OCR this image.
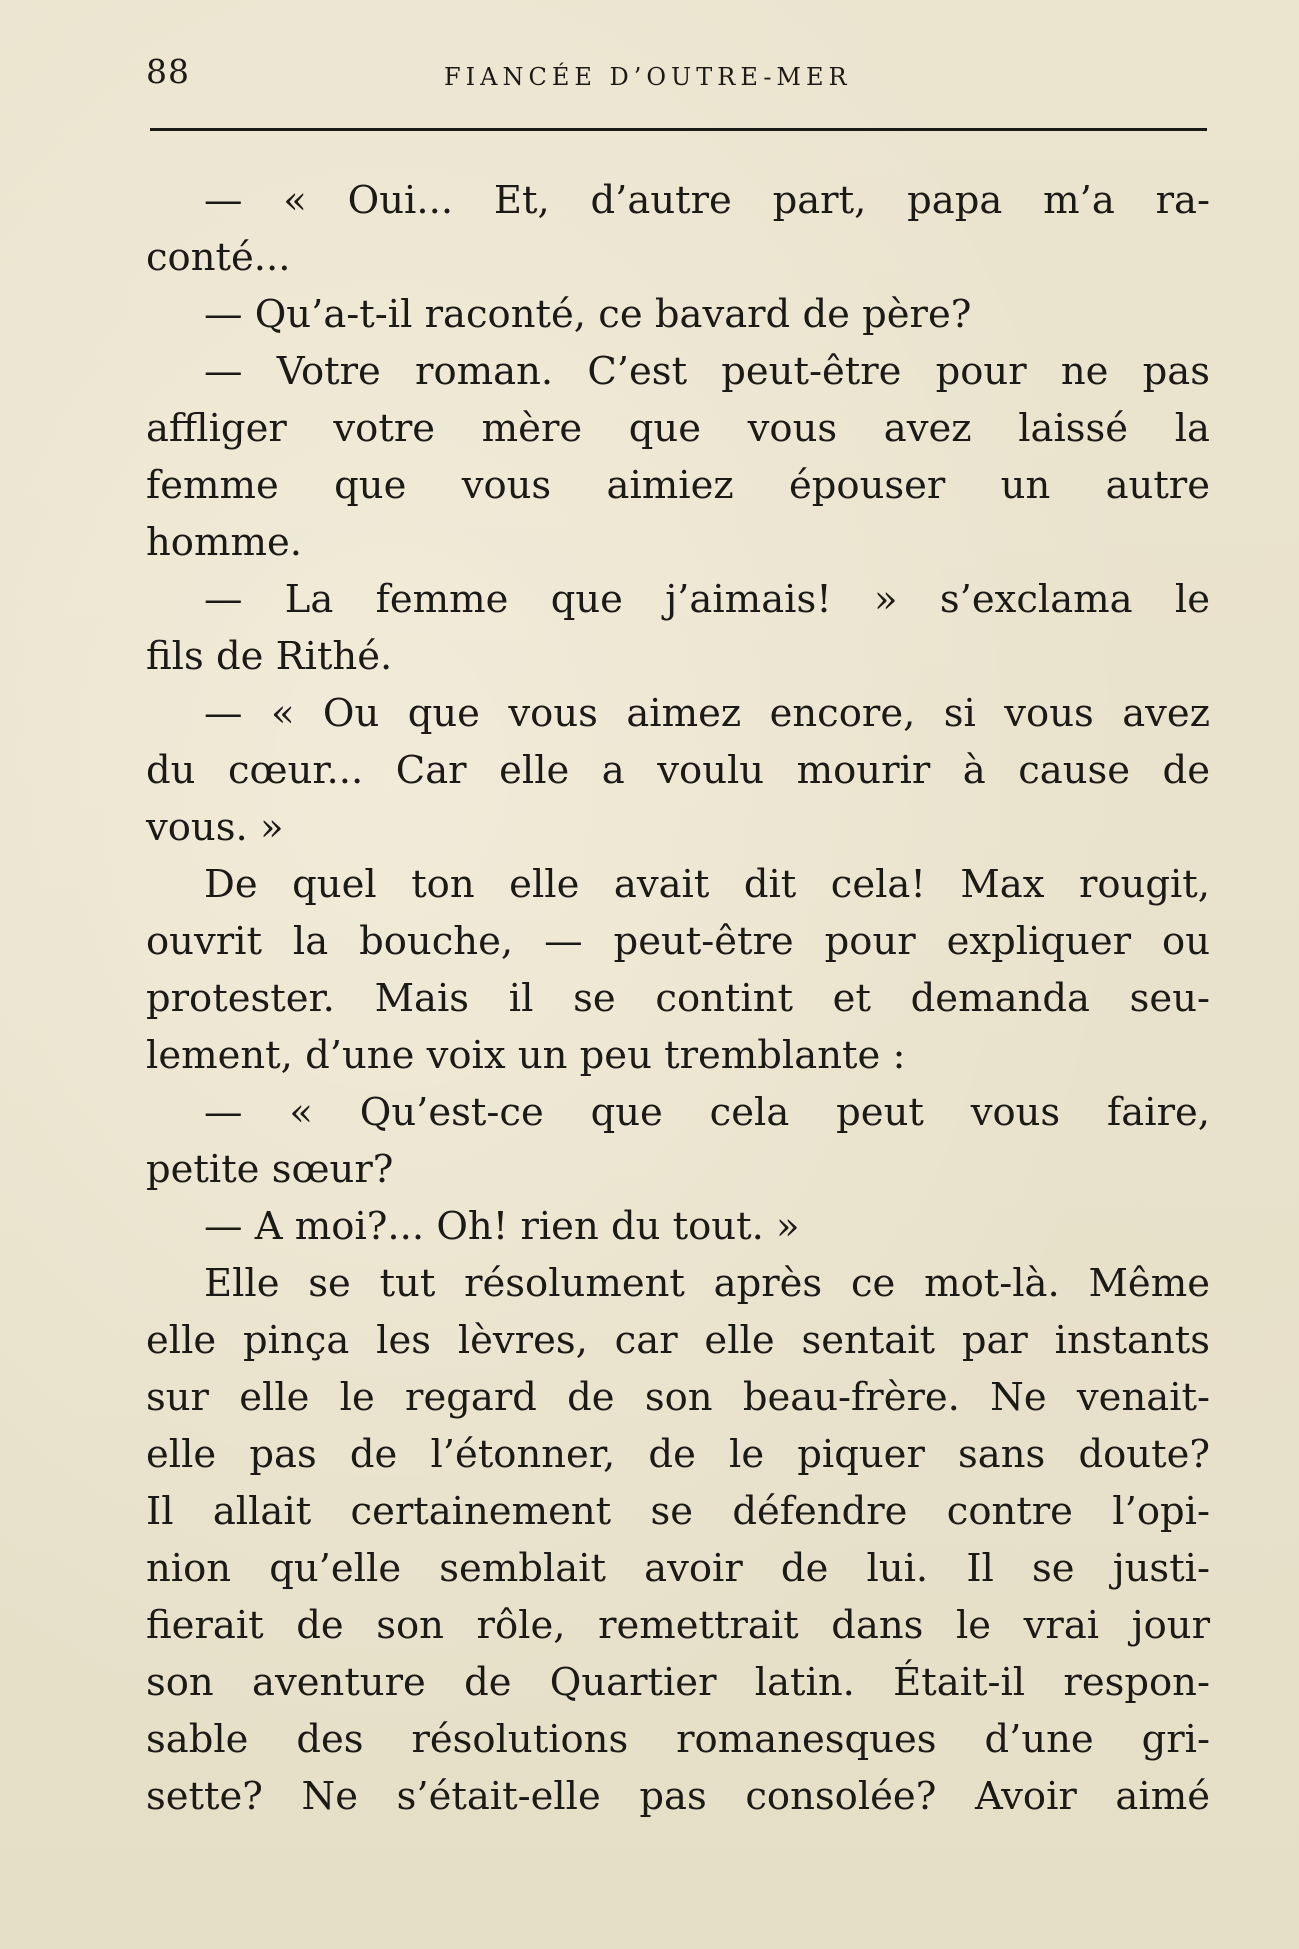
88	FIANCÉE D’OUTRE-MER
— « Oui... Et, d’autre part, papa m’a ra-
conté...
— Qu’a-t-il raconté, ce bavard de père?
— Votre roman. C’est peut-être pour ne pas
affliger votre mère que vous avez laissé la
femme que vous aimiez épouser un autre
homme.
— La femme que j’aimais! » s’exclama le
fils de Rithé.
— « Ou que vous aimez encore, si vous avez
du cœur... Car elle a voulu mourir à cause de
vous. »
De quel ton elle avait dit cela! Max rougit,
ouvrit la bouche, — peut-être pour expliquer ou
protester. Mais il se contint et demanda seu-
lement, d’une voix un peu tremblante :
— « Qu’est-ce que cela peut vous faire,
petite sœur?
— A moi?... Oh! rien du tout. »
Elle se tut résolument après ce mot-là. Même
elle pinça les lèvres, car elle sentait par instants
sur elle le regard de son beau-frère. Ne venait-
elle pas de l’étonner, de le piquer sans doute?
Il allait certainement se défendre contre l’opi-
nion qu’elle semblait avoir de lui. Il se justi-
fierait de son rôle, remettrait dans le vrai jour
son aventure de Quartier latin. Était-il respon-
sable des résolutions romanesques d’une gri-
sette? Ne s’était-elle pas consolée? Avoir aimé
